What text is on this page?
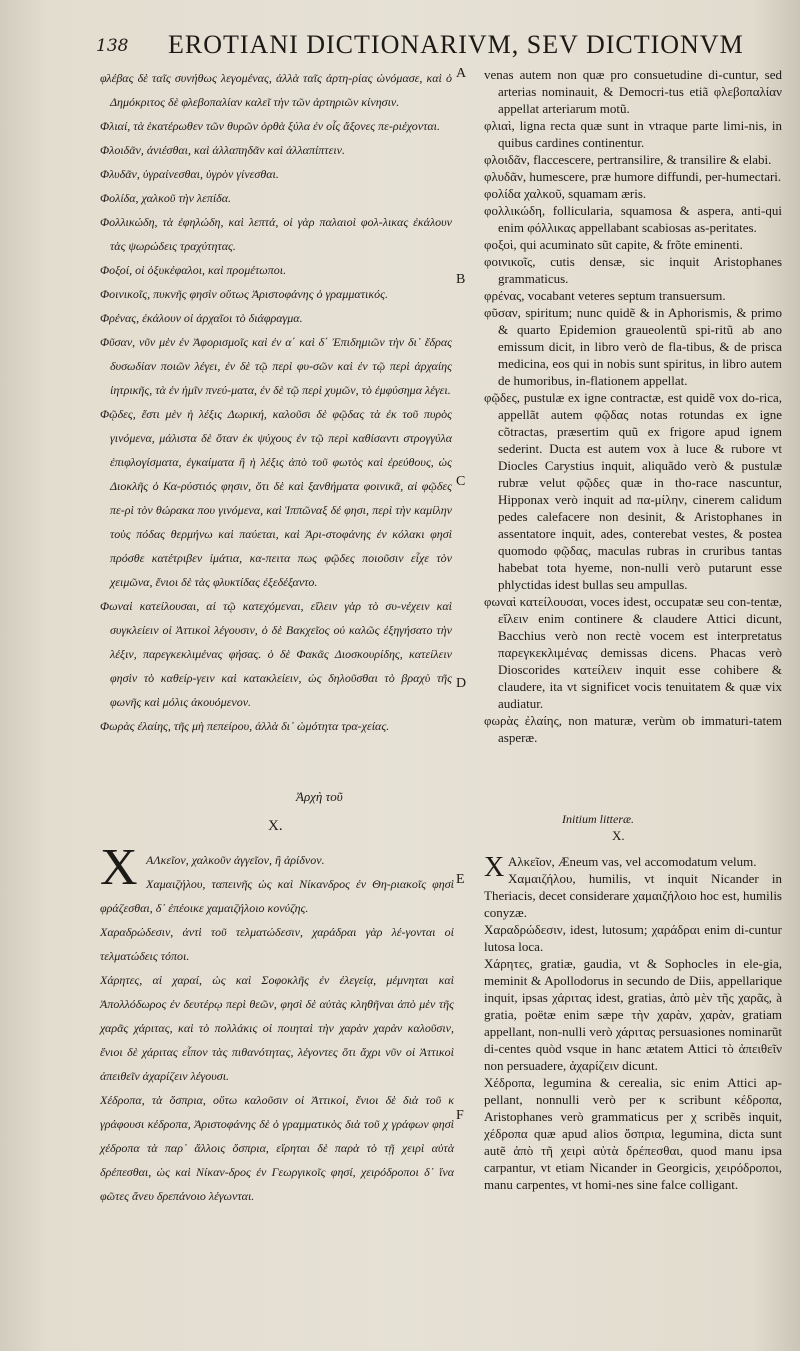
138 EROTIANI DICTIONARIVM, SEV DICTIONVM

φλέβας δὲ ταῖς συνήθως λεγομένας, ἀλλὰ ταῖς ἀρτη-ρίας ὠνόμασε, καὶ ὁ Δημόκριτος δὲ φλεβοπαλίαν καλεῖ τὴν τῶν ἀρτηριῶν κίνησιν.

Φλιαί, τὰ ἑκατέρωθεν τῶν θυρῶν ὀρθὰ ξύλα ἐν οἷς ἄξονες πε-ριέχονται.

Φλοιδᾶν, ἀνιέσθαι, καὶ ἀλλαπηδᾶν καὶ ἀλλαπίπτειν.

Φλυδᾶν, ὑγραίνεσθαι, ὑγρὸν γίνεσθαι.

Φολίδα, χαλκοῦ τὴν λεπίδα.

Φολλικώδη, τὰ ἐφηλώδη, καὶ λεπτά, οἱ γὰρ παλαιοὶ φολ-λικας ἐκάλουν τὰς ψωρώδεις τραχύτητας.

Φοξοί, οἱ ὀξυκέφαλοι, καὶ προμέτωποι.

Φοινικοῖς, πυκνῆς φησὶν οὕτως Ἀριστοφάνης ὁ γραμματικός.

Φρένας, ἐκάλουν οἱ ἀρχαῖοι τὸ διάφραγμα.

Φῦσαν, νῦν μὲν ἐν Ἀφορισμοῖς καὶ ἐν α΄ καὶ δ΄ Ἐπιδημιῶν τὴν δι᾽ ἕδρας δυσωδίαν ποιῶν λέγει, ἐν δὲ τῷ περὶ φυ-σῶν καὶ ἐν τῷ περὶ ἀρχαίης ἰητρικῆς, τὰ ἐν ἡμῖν πνεύ-ματα, ἐν δὲ τῷ περὶ χυμῶν, τὸ ἐμφύσημα λέγει.

Φῷδες, ἔστι μὲν ἡ λέξις Δωρική, καλοῦσι δὲ φῷδας τὰ ἐκ τοῦ πυρὸς γινόμενα, μάλιστα δὲ ὅταν ἐκ ψύχους ἐν τῷ περὶ καθίσαντι στρογγύλα ἐπιφλογίσματα, ἐγκαίματα ἢ ἡ λέξις ἀπὸ τοῦ φωτὸς καὶ ἐρεύθους, ὡς Διοκλῆς ὁ Κα-ρύστιός φησιν, ὅτι δὲ καὶ ξανθήματα φοινικᾶ, αἱ φῷδες πε-ρὶ τὸν θώρακα που γινόμενα, καὶ Ἱππῶναξ δέ φησι, περὶ τὴν καμίλην τοὺς πόδας θερμήνω καὶ παύεται, καὶ Ἀρι-στοφάνης ἐν κόλακι φησὶ πρόσθε κατέτριβεν ἱμάτια, κα-πειτα πως φῷδες ποιοῦσιν εἶχε τὸν χειμῶνα, ἔνιοι δὲ τὰς φλυκτίδας ἐξεδέξαντο.

Φωναὶ κατείλουσαι, αἱ τῷ κατεχόμεναι, εἴλειν γὰρ τὸ συ-νέχειν καὶ συγκλείειν οἱ Ἀττικοὶ λέγουσιν, ὁ δὲ Βακχεῖος οὐ καλῶς ἐξηγήσατο τὴν λέξιν, παρεγκεκλιμένας φήσας. ὁ δὲ Φακᾶς Διοσκουρίδης, κατείλειν φησὶν τὸ καθείρ-γειν καὶ κατακλείειν, ὡς δηλοῦσθαι τὸ βραχὺ τῆς φωνῆς καὶ μόλις ἀκουόμενον.

Φωρὰς ἐλαίης, τῆς μὴ πεπείρου, ἀλλὰ δι᾽ ὠμότητα τρα-χείας.

A
B
C
D
E
F

venas autem non quæ pro consuetudine di-cuntur, sed arterias nominauit, & Democri-tus etiã φλεβοπαλίαν appellat arteriarum motũ.

φλιαὶ, ligna recta quæ sunt in vtraque parte limi-nis, in quibus cardines continentur.

φλοιδᾶν, flaccescere, pertransilire, & transilire & elabi.

φλυδᾶν, humescere, præ humore diffundi, per-humectari.

φολίδα χαλκοῦ, squamam æris.

φολλικώδη, follicularia, squamosa & aspera, anti-qui enim φόλλικας appellabant scabiosas as-peritates.

φοξοὶ, qui acuminato sũt capite, & frõte eminenti.

φοινικοῖς, cutis densæ, sic inquit Aristophanes grammaticus.

φρένας, vocabant veteres septum transuersum.

φῦσαν, spiritum; nunc quidẽ & in Aphorismis, & primo & quarto Epidemion graueolentũ spi-ritũ ab ano emissum dicit, in libro verò de fla-tibus, & de prisca medicina, eos qui in nobis sunt spiritus, in libro autem de humoribus, in-flationem appellat.

φῷδες, pustulæ ex igne contractæ, est quidẽ vox do-rica, appellãt autem φῷδας notas rotundas ex igne cõtractas, præsertim quũ ex frigore apud ignem sederint. Ducta est autem vox à luce & rubore vt Diocles Carystius inquit, aliquãdo verò & pustulæ rubræ velut φῷδες quæ in tho-race nascuntur, Hipponax verò inquit ad πα-μίλην, cinerem calidum pedes calefacere non desinit, & Aristophanes in assentatore inquit, ades, conterebat vestes, & postea quomodo φῷδας, maculas rubras in cruribus tantas habebat tota hyeme, non-nulli verò putarunt esse phlyctidas idest bullas seu ampullas.

φωναὶ κατείλουσαι, voces idest, occupatæ seu con-tentæ, εἴλειν enim continere & claudere Attici dicunt, Bacchius verò non rectè vocem est interpretatus παρεγκεκλιμένας demissas dicens. Phacas verò Dioscorides κατείλειν inquit esse cohibere & claudere, ita vt significet vocis tenuitatem & quæ vix audiatur.

φωρὰς ἐλαίης, non maturæ, verùm ob immaturi-tatem asperæ.

Ἀρχὴ τοῦ
Χ.	Initium litteræ.
X.
X ΑΛκεῖον, χαλκοῦν ἀγγεῖον, ἢ ἀρίδνον.

Χαμαιζήλου, ταπεινῆς ὡς καὶ Νίκανδρος ἐν Θη-ριακοῖς φησὶ φράζεσθαι, δ᾽ ἐπέοικε χαμαιζήλοιο κονύζης.

Χαραδρώδεσιν, ἀντὶ τοῦ τελματώδεσιν, χαράδραι γὰρ λέ-γονται οἱ τελματώδεις τόποι.

Χάρητες, αἱ χαραί, ὡς καὶ Σοφοκλῆς ἐν ἐλεγείᾳ, μέμνηται καὶ Ἀπολλόδωρος ἐν δευτέρῳ περὶ θεῶν, φησὶ δὲ αὐτὰς κληθῆναι ἀπὸ μὲν τῆς χαρᾶς χάριτας, καὶ τὸ πολλάκις οἱ ποιηταὶ τὴν χαρὰν χαρὰν καλοῦσιν, ἔνιοι δὲ χάριτας εἶπον τὰς πιθανότητας, λέγοντες ὅτι ἄχρι νῦν οἱ Ἀττικοὶ ἀπειθεῖν ἀχαρίζειν λέγουσι.

Χέδροπα, τὰ ὄσπρια, οὕτω καλοῦσιν οἱ Ἀττικοί, ἔνιοι δὲ διὰ τοῦ κ γράφουσι κέδροπα, Ἀριστοφάνης δὲ ὁ γραμματικὸς διὰ τοῦ χ γράφων φησὶ χέδροπα τὰ παρ᾽ ἄλλοις ὄσπρια, εἴρηται δὲ παρὰ τὸ τῇ χειρὶ αὐτὰ δρέπεσθαι, ὡς καὶ Νίκαν-δρος ἐν Γεωργικοῖς φησί, χειρόδροποι δ᾽ ἵνα φῶτες ἄνευ δρεπάνοιο λέγωνται.

X Αλκεῖον, Æneum vas, vel accomodatum velum.

Χαμαιζήλου, humilis, vt inquit Nicander in Theriacis, decet considerare χαμαιζήλοιο hoc est, humilis conyzæ.

Χαραδρώδεσιν, idest, lutosum; χαράδραι enim di-cuntur lutosa loca.

Χάρητες, gratiæ, gaudia, vt & Sophocles in ele-gia, meminit & Apollodorus in secundo de Diis, appellarique inquit, ipsas χάριτας idest, gratias, ἀπὸ μὲν τῆς χαρᾶς, à gratia, poëtæ enim sæpe τὴν χαρὰν, χαρὰν, gratiam appellant, non-nulli verò χάριτας persuasiones nominarũt di-centes quòd vsque in hanc ætatem Attici τὸ ἀπειθεῖν non persuadere, ἀχαρίζειν dicunt.

Χέδροπα, legumina & cerealia, sic enim Attici ap-pellant, nonnulli verò per κ scribunt κέδροπα, Aristophanes verò grammaticus per χ scribẽs inquit, χέδροπα quæ apud alios ὄσπρια, legumina, dicta sunt autẽ ἀπὸ τῆ χειρὶ αὐτὰ δρέπεσθαι, quod manu ipsa carpantur, vt etiam Nicander in Georgicis, χειρόδροποι, manu carpentes, vt homi-nes sine falce colligant.
